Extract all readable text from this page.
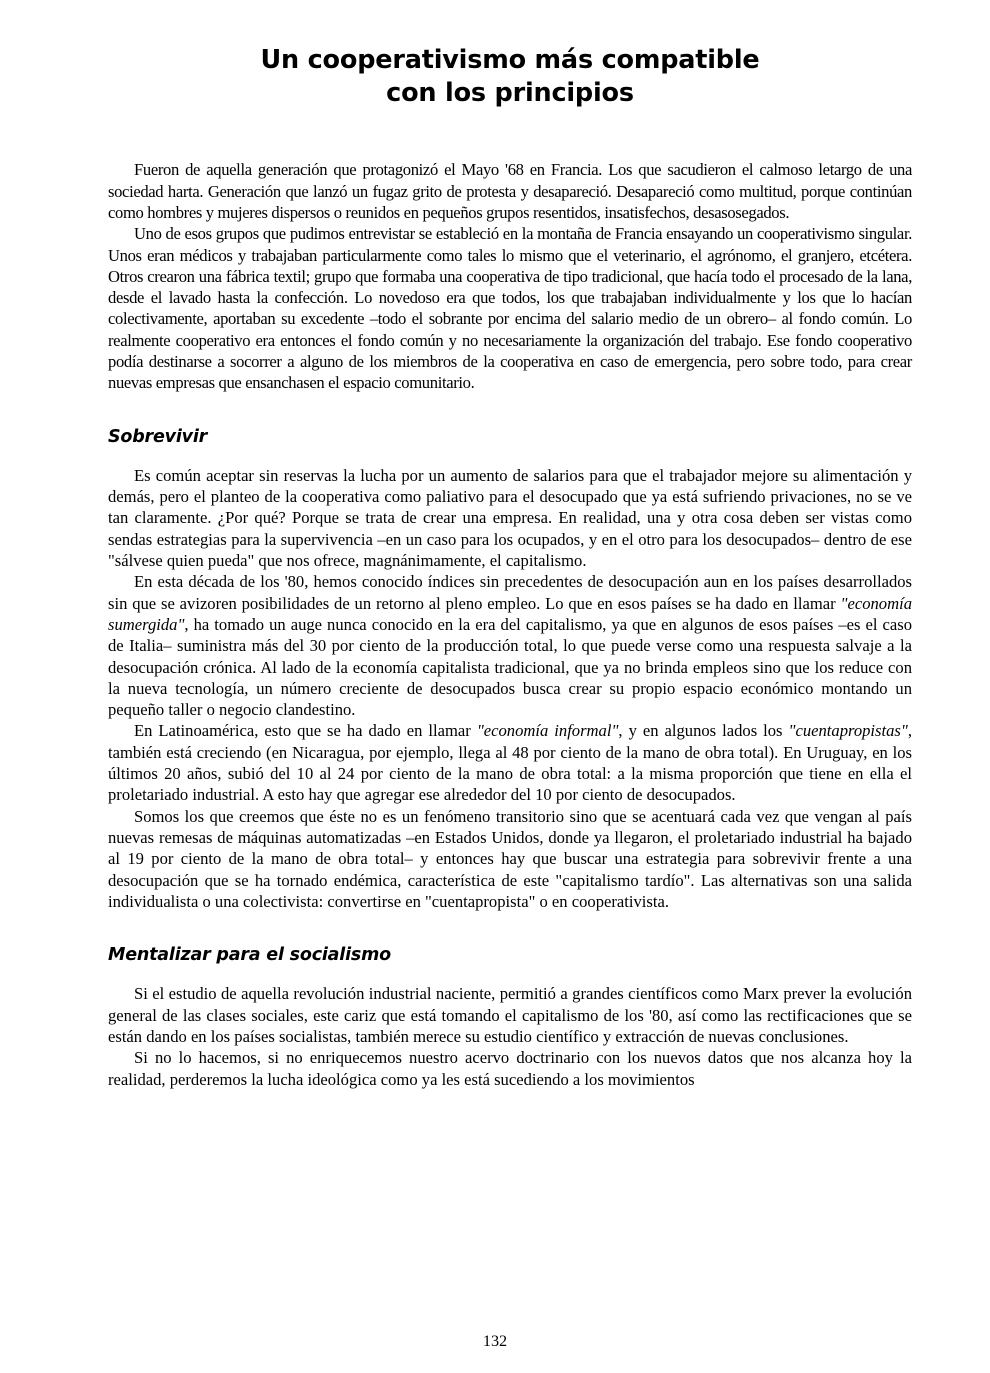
Un cooperativismo más compatible
con los principios

Fueron de aquella generación que protagonizó el Mayo '68 en Francia. Los que sacudieron el calmoso letargo de una sociedad harta. Generación que lanzó un fugaz grito de protesta y desapareció. Desapareció como multitud, porque continúan como hombres y mujeres dispersos o reunidos en pequeños grupos resentidos, insatisfechos, desasosegados.

Uno de esos grupos que pudimos entrevistar se estableció en la montaña de Francia ensayando un cooperativismo singular. Unos eran médicos y trabajaban particularmente como tales lo mismo que el veterinario, el agrónomo, el granjero, etcétera. Otros crearon una fábrica textil; grupo que formaba una cooperativa de tipo tradicional, que hacía todo el procesado de la lana, desde el lavado hasta la confección. Lo novedoso era que todos, los que trabajaban individualmente y los que lo hacían colectivamente, aportaban su excedente –todo el sobrante por encima del salario medio de un obrero– al fondo común. Lo realmente cooperativo era entonces el fondo común y no necesariamente la organización del trabajo. Ese fondo cooperativo podía destinarse a socorrer a alguno de los miembros de la cooperativa en caso de emergencia, pero sobre todo, para crear nuevas empresas que ensanchasen el espacio comunitario.

Sobrevivir

Es común aceptar sin reservas la lucha por un aumento de salarios para que el trabajador mejore su alimentación y demás, pero el planteo de la cooperativa como paliativo para el desocupado que ya está sufriendo privaciones, no se ve tan claramente. ¿Por qué? Porque se trata de crear una empresa. En realidad, una y otra cosa deben ser vistas como sendas estrategias para la supervivencia –en un caso para los ocupados, y en el otro para los desocupados– dentro de ese "sálvese quien pueda" que nos ofrece, magnánimamente, el capitalismo.

En esta década de los '80, hemos conocido índices sin precedentes de desocupación aun en los países desarrollados sin que se avizoren posibilidades de un retorno al pleno empleo. Lo que en esos países se ha dado en llamar "economía sumergida", ha tomado un auge nunca conocido en la era del capitalismo, ya que en algunos de esos países –es el caso de Italia– suministra más del 30 por ciento de la producción total, lo que puede verse como una respuesta salvaje a la desocupación crónica. Al lado de la economía capitalista tradicional, que ya no brinda empleos sino que los reduce con la nueva tecnología, un número creciente de desocupados busca crear su propio espacio económico montando un pequeño taller o negocio clandestino.

En Latinoamérica, esto que se ha dado en llamar "economía informal", y en algunos lados los "cuentapropistas", también está creciendo (en Nicaragua, por ejemplo, llega al 48 por ciento de la mano de obra total). En Uruguay, en los últimos 20 años, subió del 10 al 24 por ciento de la mano de obra total: a la misma proporción que tiene en ella el proletariado industrial. A esto hay que agregar ese alrededor del 10 por ciento de desocupados.

Somos los que creemos que éste no es un fenómeno transitorio sino que se acentuará cada vez que vengan al país nuevas remesas de máquinas automatizadas –en Estados Unidos, donde ya llegaron, el proletariado industrial ha bajado al 19 por ciento de la mano de obra total– y entonces hay que buscar una estrategia para sobrevivir frente a una desocupación que se ha tornado endémica, característica de este "capitalismo tardío". Las alternativas son una salida individualista o una colectivista: convertirse en "cuentapropista" o en cooperativista.

Mentalizar para el socialismo

Si el estudio de aquella revolución industrial naciente, permitió a grandes científicos como Marx prever la evolución general de las clases sociales, este cariz que está tomando el capitalismo de los '80, así como las rectificaciones que se están dando en los países socialistas, también merece su estudio científico y extracción de nuevas conclusiones.

Si no lo hacemos, si no enriquecemos nuestro acervo doctrinario con los nuevos datos que nos alcanza hoy la realidad, perderemos la lucha ideológica como ya les está sucediendo a los movimientos

132
